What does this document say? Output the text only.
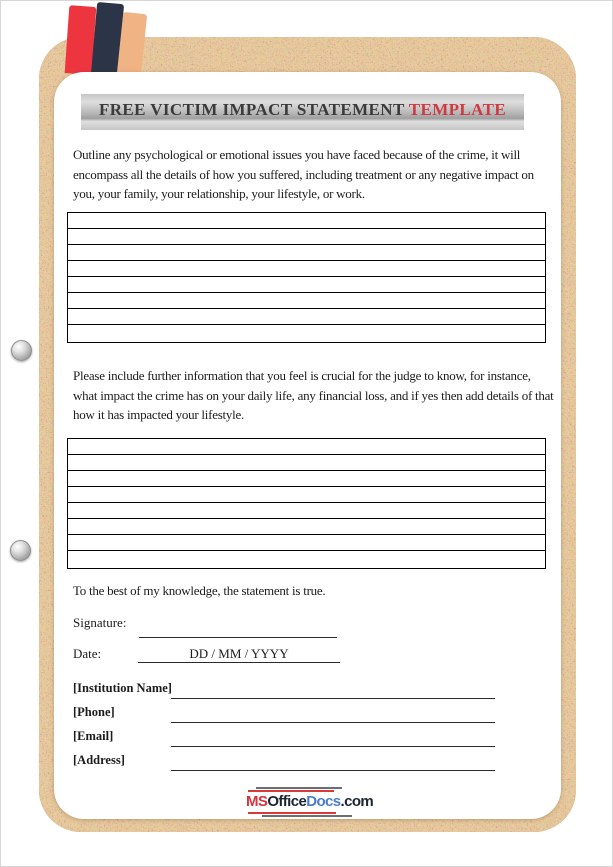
FREE VICTIM IMPACT STATEMENT TEMPLATE
Outline any psychological or emotional issues you have faced because of the crime, it will encompass all the details of how you suffered, including treatment or any negative impact on you, your family, your relationship, your lifestyle, or work.
Please include further information that you feel is crucial for the judge to know, for instance, what impact the crime has on your daily life, any financial loss, and if yes then add details of that how it has impacted your lifestyle.
To the best of my knowledge, the statement is true.
Signature:
Date:	DD / MM / YYYY
[Institution Name]
[Phone]
[Email]
[Address]
MSOfficeDocs.com
